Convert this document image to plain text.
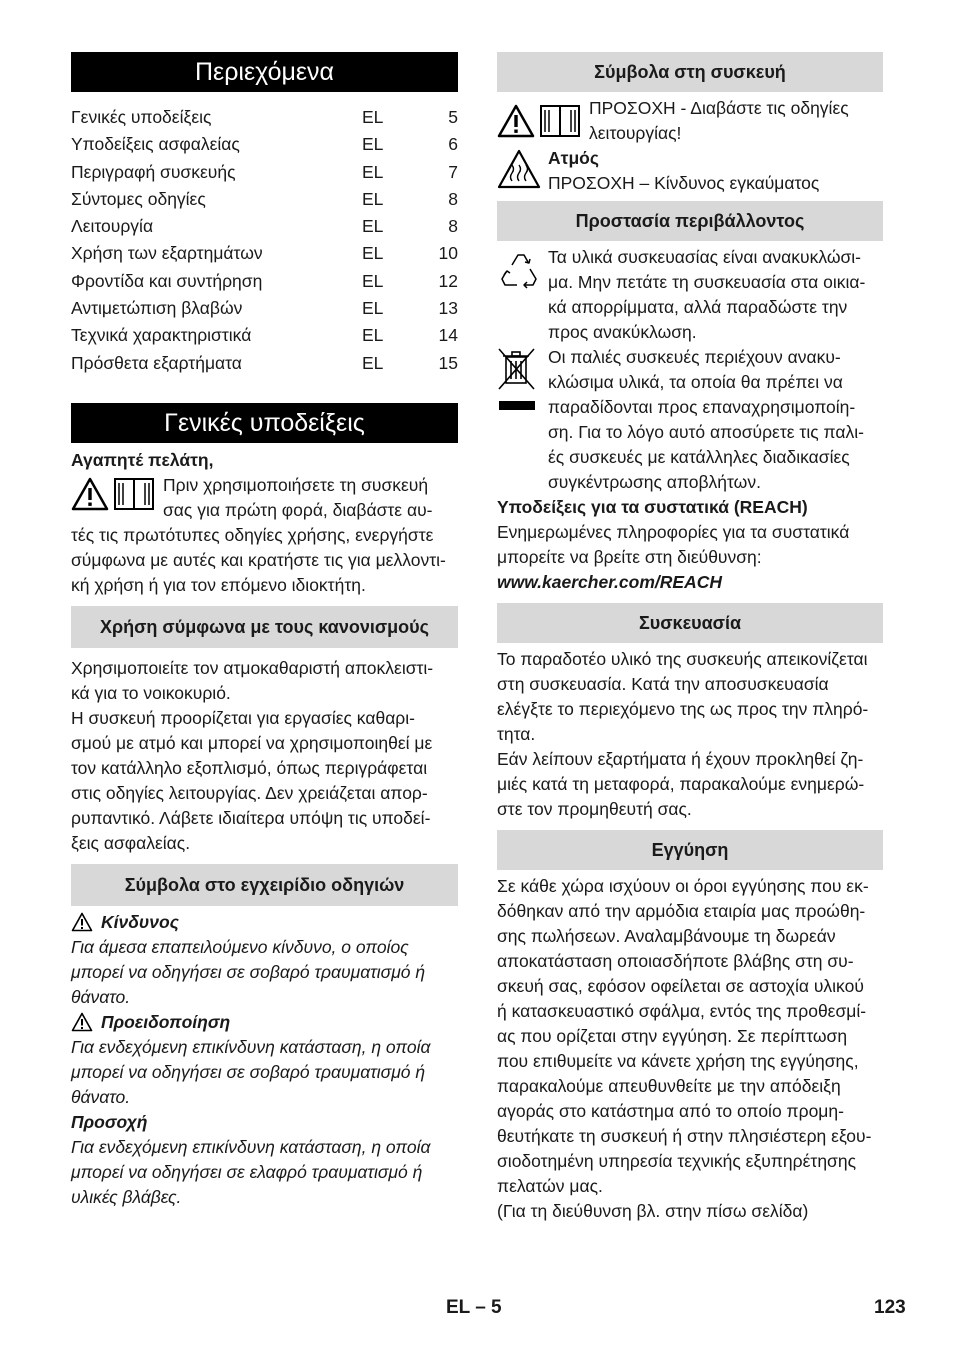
Περιεχόμενα
Γενικές υποδείξεις	EL	5
Υποδείξεις ασφαλείας	EL	6
Περιγραφή συσκευής	EL	7
Σύντομες οδηγίες	EL	8
Λειτουργία	EL	8
Χρήση των εξαρτημάτων	EL	10
Φροντίδα και συντήρηση	EL	12
Αντιμετώπιση βλαβών	EL	13
Τεχνικά χαρακτηριστικά	EL	14
Πρόσθετα εξαρτήματα	EL	15
Γενικές υποδείξεις
Αγαπητέ πελάτη,
Πριν χρησιμοποιήσετε τη συσκευή
σας για πρώτη φορά, διαβάστε αυ-
τές τις πρωτότυπες οδηγίες χρήσης, ενεργήστε
σύμφωνα με αυτές και κρατήστε τις για μελλοντι-
κή χρήση ή για τον επόμενο ιδιοκτήτη.
Χρήση σύμφωνα με τους κανονισμούς
Χρησιμοποιείτε τον ατμοκαθαριστή αποκλειστι-
κά για το νοικοκυριό.
Η συσκευή προορίζεται για εργασίες καθαρι-
σμού με ατμό και μπορεί να χρησιμοποιηθεί με
τον κατάλληλο εξοπλισμό, όπως περιγράφεται
στις οδηγίες λειτουργίας. Δεν χρειάζεται απορ-
ρυπαντικό. Λάβετε ιδιαίτερα υπόψη τις υποδεί-
ξεις ασφαλείας.
Σύμβολα στο εγχειρίδιο οδηγιών
Κίνδυνος
Για άμεσα επαπειλούμενο κίνδυνο, ο οποίος
μπορεί να οδηγήσει σε σοβαρό τραυματισμό ή
θάνατο.
Προειδοποίηση
Για ενδεχόμενη επικίνδυνη κατάσταση, η οποία
μπορεί να οδηγήσει σε σοβαρό τραυματισμό ή
θάνατο.
Προσοχή
Για ενδεχόμενη επικίνδυνη κατάσταση, η οποία
μπορεί να οδηγήσει σε ελαφρό τραυματισμό ή
υλικές βλάβες.
Σύμβολα στη συσκευή
ΠΡΟΣΟΧΗ - Διαβάστε τις οδηγίες
λειτουργίας!
Ατμός
ΠΡΟΣΟΧΗ – Κίνδυνος εγκαύματος
Προστασία περιβάλλοντος
Τα υλικά συσκευασίας είναι ανακυκλώσι-
μα. Μην πετάτε τη συσκευασία στα οικια-
κά απορρίμματα, αλλά παραδώστε την
προς ανακύκλωση.
Οι παλιές συσκευές περιέχουν ανακυ-
κλώσιμα υλικά, τα οποία θα πρέπει να
παραδίδονται προς επαναχρησιμοποίη-
ση. Για το λόγο αυτό αποσύρετε τις παλι-
ές συσκευές με κατάλληλες διαδικασίες
συγκέντρωσης αποβλήτων.
Υποδείξεις για τα συστατικά (REACH)
Ενημερωμένες πληροφορίες για τα συστατικά
μπορείτε να βρείτε στη διεύθυνση:
www.kaercher.com/REACH
Συσκευασία
Το παραδοτέο υλικό της συσκευής απεικονίζεται
στη συσκευασία. Κατά την αποσυσκευασία
ελέγξτε το περιεχόμενο της ως προς την πληρό-
τητα.
Εάν λείπουν εξαρτήματα ή έχουν προκληθεί ζη-
μιές κατά τη μεταφορά, παρακαλούμε ενημερώ-
στε τον προμηθευτή σας.
Εγγύηση
Σε κάθε χώρα ισχύουν οι όροι εγγύησης που εκ-
δόθηκαν από την αρμόδια εταιρία μας προώθη-
σης πωλήσεων. Αναλαμβάνουμε τη δωρεάν
αποκατάσταση οποιασδήποτε βλάβης στη συ-
σκευή σας, εφόσον οφείλεται σε αστοχία υλικού
ή κατασκευαστικό σφάλμα, εντός της προθεσμί-
ας που ορίζεται στην εγγύηση. Σε περίπτωση
που επιθυμείτε να κάνετε χρήση της εγγύησης,
παρακαλούμε απευθυνθείτε με την απόδειξη
αγοράς στο κατάστημα από το οποίο προμη-
θευτήκατε τη συσκευή ή στην πλησιέστερη εξου-
σιοδοτημένη υπηρεσία τεχνικής εξυπηρέτησης
πελατών μας.
(Για τη διεύθυνση βλ. στην πίσω σελίδα)
EL – 5	123
